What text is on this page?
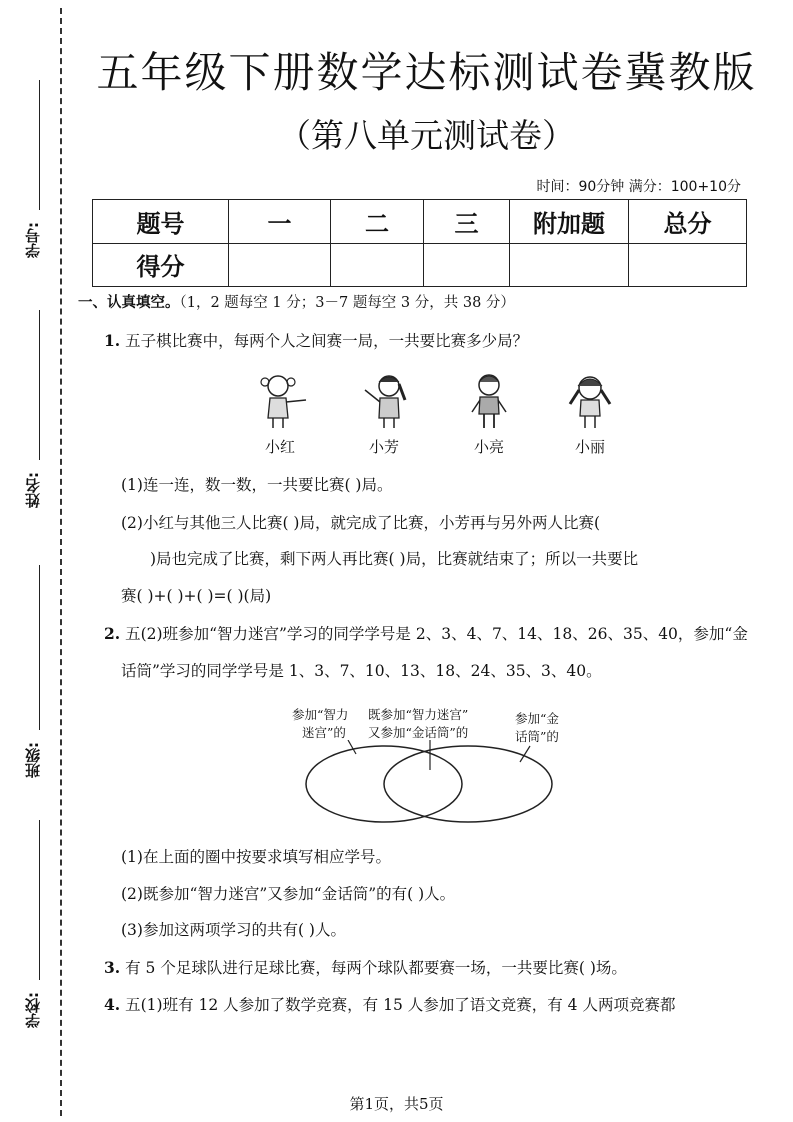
学号:
姓名:
班级:
学校:
五年级下册数学达标测试卷冀教版
（第八单元测试卷）
时间：90分钟 满分：100+10分
题号	一	二	三	附加题	总分
得分					
一、认真填空。（1，2 题每空 1 分；3－7 题每空 3 分，共 38 分）
1. 五子棋比赛中，每两个人之间赛一局，一共要比赛多少局？
小红	小芳	小亮	小丽
(1)连一连，数一数，一共要比赛( )局。
(2)小红与其他三人比赛( )局，就完成了比赛，小芳再与另外两人比赛(
)局也完成了比赛，剩下两人再比赛( )局，比赛就结束了；所以一共要比
赛( )+( )+( )=( )(局)
2. 五(2)班参加“智力迷宫”学习的同学学号是 2、3、4、7、14、18、26、35、40，参加“金
话筒”学习的同学学号是 1、3、7、10、13、18、24、35、3、40。
参加“智力
迷宫”的
既参加“智力迷宫”
又参加“金话筒”的
参加“金
话筒”的
(1)在上面的圈中按要求填写相应学号。
(2)既参加“智力迷宫”又参加“金话筒”的有( )人。
(3)参加这两项学习的共有( )人。
3. 有 5 个足球队进行足球比赛，每两个球队都要赛一场，一共要比赛( )场。
4. 五(1)班有 12 人参加了数学竞赛，有 15 人参加了语文竞赛，有 4 人两项竞赛都
第1页，共5页
